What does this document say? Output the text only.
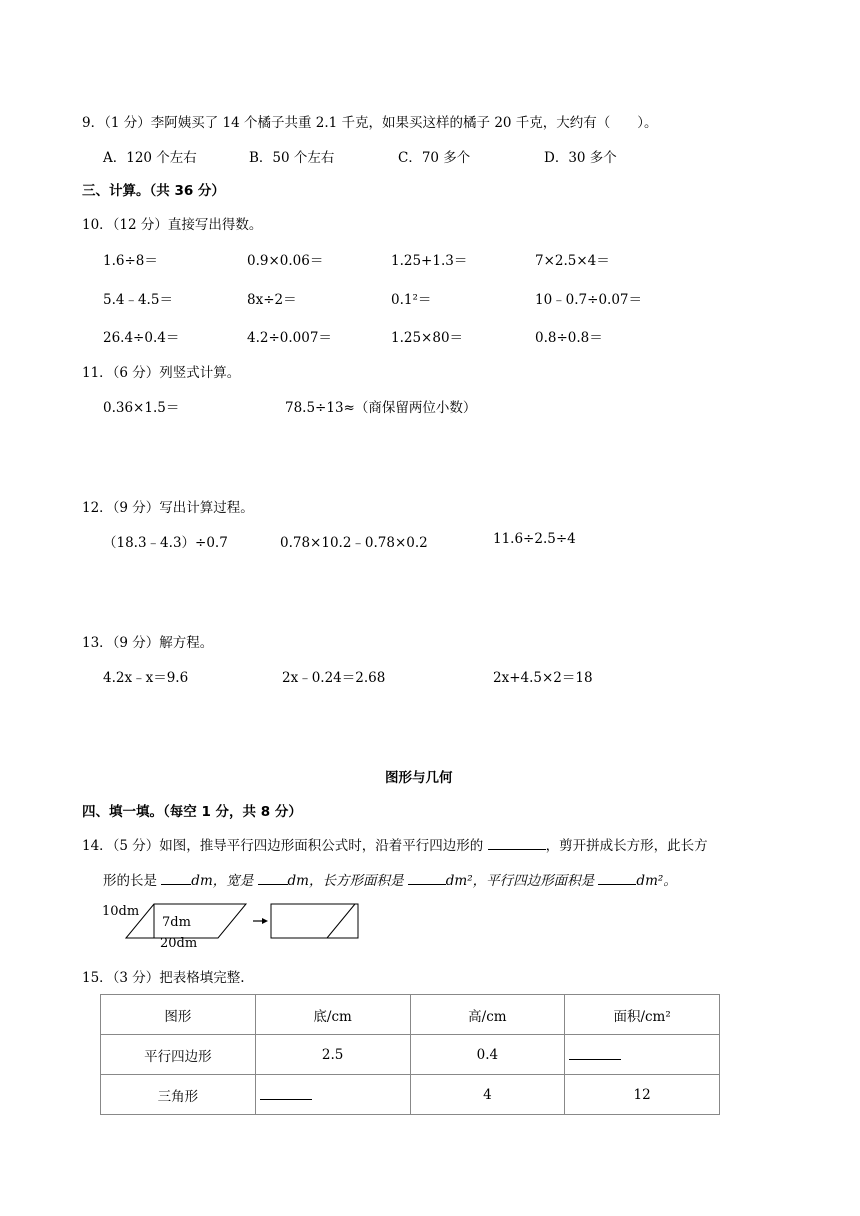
9．（1 分）李阿姨买了 14 个橘子共重 2.1 千克，如果买这样的橘子 20 千克，大约有（　　）。
A．120 个左右	B．50 个左右	C．70 多个	D．30 多个
三、计算。（共 36 分）
10．（12 分）直接写出得数。
1.6÷8＝	0.9×0.06＝	1.25+1.3＝	7×2.5×4＝
5.4﹣4.5＝	8x÷2＝	0.1²＝	10﹣0.7÷0.07＝
26.4÷0.4＝	4.2÷0.007＝	1.25×80＝	0.8÷0.8＝
11．（6 分）列竖式计算。
0.36×1.5＝	78.5÷13≈（商保留两位小数）
12．（9 分）写出计算过程。
（18.3﹣4.3）÷0.7	0.78×10.2﹣0.78×0.2	11.6÷2.5÷4
13．（9 分）解方程。
4.2x﹣x＝9.6	2x﹣0.24＝2.68	2x+4.5×2＝18
图形与几何
四、填一填。（每空 1 分，共 8 分）
14．（5 分）如图，推导平行四边形面积公式时，沿着平行四边形的	，剪开拼成长方形，此长方
形的长是 dm，宽是 dm，长方形面积是	dm²，平行四边形面积是	dm²。
10dm
7dm
20dm
15．（3 分）把表格填完整.
图形	底/cm	高/cm	面积/cm²
平行四边形	2.5	0.4	
三角形		4	12
